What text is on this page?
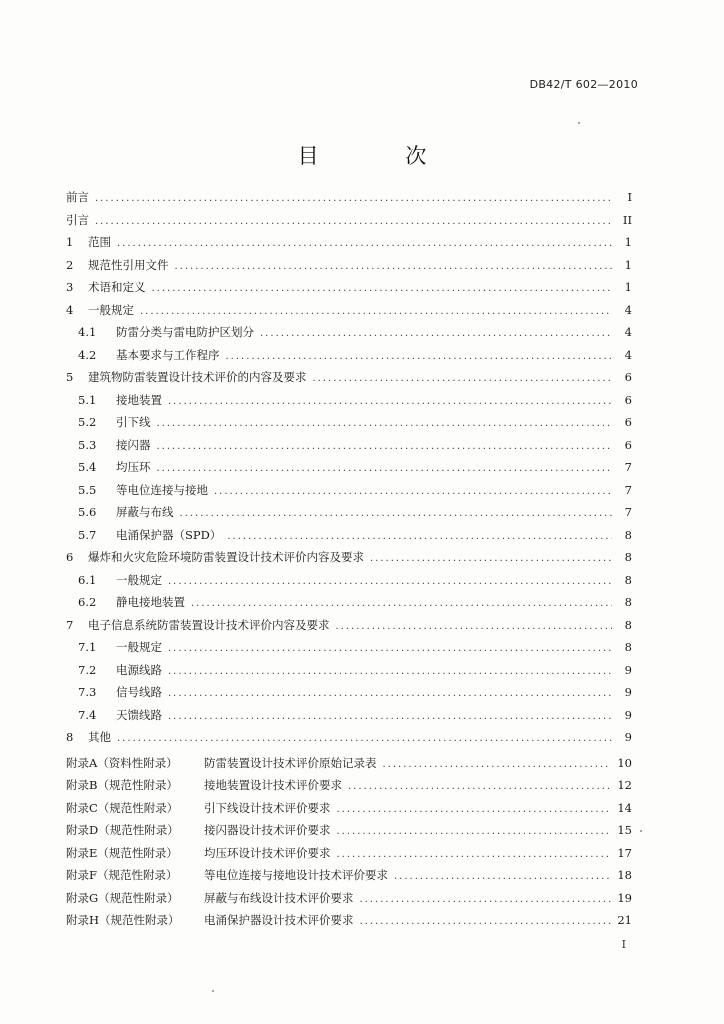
DB42/T 602—2010
目 次
前言 .....	I
引言 .....	II
1	范围 .....	1
2	规范性引用文件 .....	1
3	术语和定义 .....	1
4	一般规定 .....	4
4.1	防雷分类与雷电防护区划分 .....	4
4.2	基本要求与工作程序 .....	4
5	建筑物防雷装置设计技术评价的内容及要求 .....	6
5.1	接地装置 .....	6
5.2	引下线 .....	6
5.3	接闪器 .....	6
5.4	均压环 .....	7
5.5	等电位连接与接地 .....	7
5.6	屏蔽与布线 .....	7
5.7	电涌保护器（SPD） .....	8
6	爆炸和火灾危险环境防雷装置设计技术评价内容及要求 .....	8
6.1	一般规定 .....	8
6.2	静电接地装置 .....	8
7	电子信息系统防雷装置设计技术评价内容及要求 .....	8
7.1	一般规定 .....	8
7.2	电源线路 .....	9
7.3	信号线路 .....	9
7.4	天馈线路 .....	9
8	其他 .....	9
附录A（资料性附录）	防雷装置设计技术评价原始记录表 .....	10
附录B（规范性附录）	接地装置设计技术评价要求 .....	12
附录C（规范性附录）	引下线设计技术评价要求 .....	14
附录D（规范性附录）	接闪器设计技术评价要求 .....	15
附录E（规范性附录）	均压环设计技术评价要求 .....	17
附录F（规范性附录）	等电位连接与接地设计技术评价要求 .....	18
附录G（规范性附录）	屏蔽与布线设计技术评价要求 .....	19
附录H（规范性附录）	电涌保护器设计技术评价要求 .....	21
I
